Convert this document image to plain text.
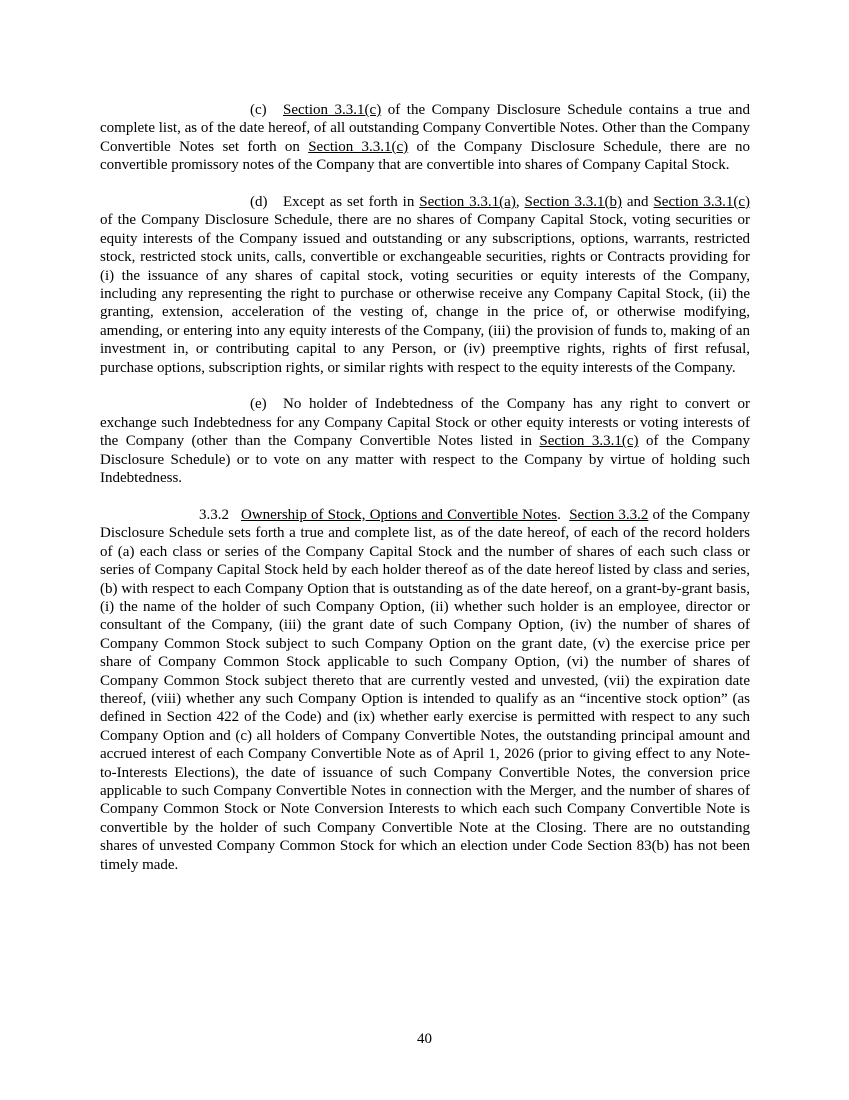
(c) Section 3.3.1(c) of the Company Disclosure Schedule contains a true and complete list, as of the date hereof, of all outstanding Company Convertible Notes. Other than the Company Convertible Notes set forth on Section 3.3.1(c) of the Company Disclosure Schedule, there are no convertible promissory notes of the Company that are convertible into shares of Company Capital Stock.

(d) Except as set forth in Section 3.3.1(a), Section 3.3.1(b) and Section 3.3.1(c) of the Company Disclosure Schedule, there are no shares of Company Capital Stock, voting securities or equity interests of the Company issued and outstanding or any subscriptions, options, warrants, restricted stock, restricted stock units, calls, convertible or exchangeable securities, rights or Contracts providing for (i) the issuance of any shares of capital stock, voting securities or equity interests of the Company, including any representing the right to purchase or otherwise receive any Company Capital Stock, (ii) the granting, extension, acceleration of the vesting of, change in the price of, or otherwise modifying, amending, or entering into any equity interests of the Company, (iii) the provision of funds to, making of an investment in, or contributing capital to any Person, or (iv) preemptive rights, rights of first refusal, purchase options, subscription rights, or similar rights with respect to the equity interests of the Company.

(e) No holder of Indebtedness of the Company has any right to convert or exchange such Indebtedness for any Company Capital Stock or other equity interests or voting interests of the Company (other than the Company Convertible Notes listed in Section 3.3.1(c) of the Company Disclosure Schedule) or to vote on any matter with respect to the Company by virtue of holding such Indebtedness.

3.3.2 Ownership of Stock, Options and Convertible Notes.  Section 3.3.2 of the Company Disclosure Schedule sets forth a true and complete list, as of the date hereof, of each of the record holders of (a) each class or series of the Company Capital Stock and the number of shares of each such class or series of Company Capital Stock held by each holder thereof as of the date hereof listed by class and series, (b) with respect to each Company Option that is outstanding as of the date hereof, on a grant-by-grant basis, (i) the name of the holder of such Company Option, (ii) whether such holder is an employee, director or consultant of the Company, (iii) the grant date of such Company Option, (iv) the number of shares of Company Common Stock subject to such Company Option on the grant date, (v) the exercise price per share of Company Common Stock applicable to such Company Option, (vi) the number of shares of Company Common Stock subject thereto that are currently vested and unvested, (vii) the expiration date thereof, (viii) whether any such Company Option is intended to qualify as an “incentive stock option” (as defined in Section 422 of the Code) and (ix) whether early exercise is permitted with respect to any such Company Option and (c) all holders of Company Convertible Notes, the outstanding principal amount and accrued interest of each Company Convertible Note as of April 1, 2026 (prior to giving effect to any Note-to-Interests Elections), the date of issuance of such Company Convertible Notes, the conversion price applicable to such Company Convertible Notes in connection with the Merger, and the number of shares of Company Common Stock or Note Conversion Interests to which each such Company Convertible Note is convertible by the holder of such Company Convertible Note at the Closing. There are no outstanding shares of unvested Company Common Stock for which an election under Code Section 83(b) has not been timely made.

40
